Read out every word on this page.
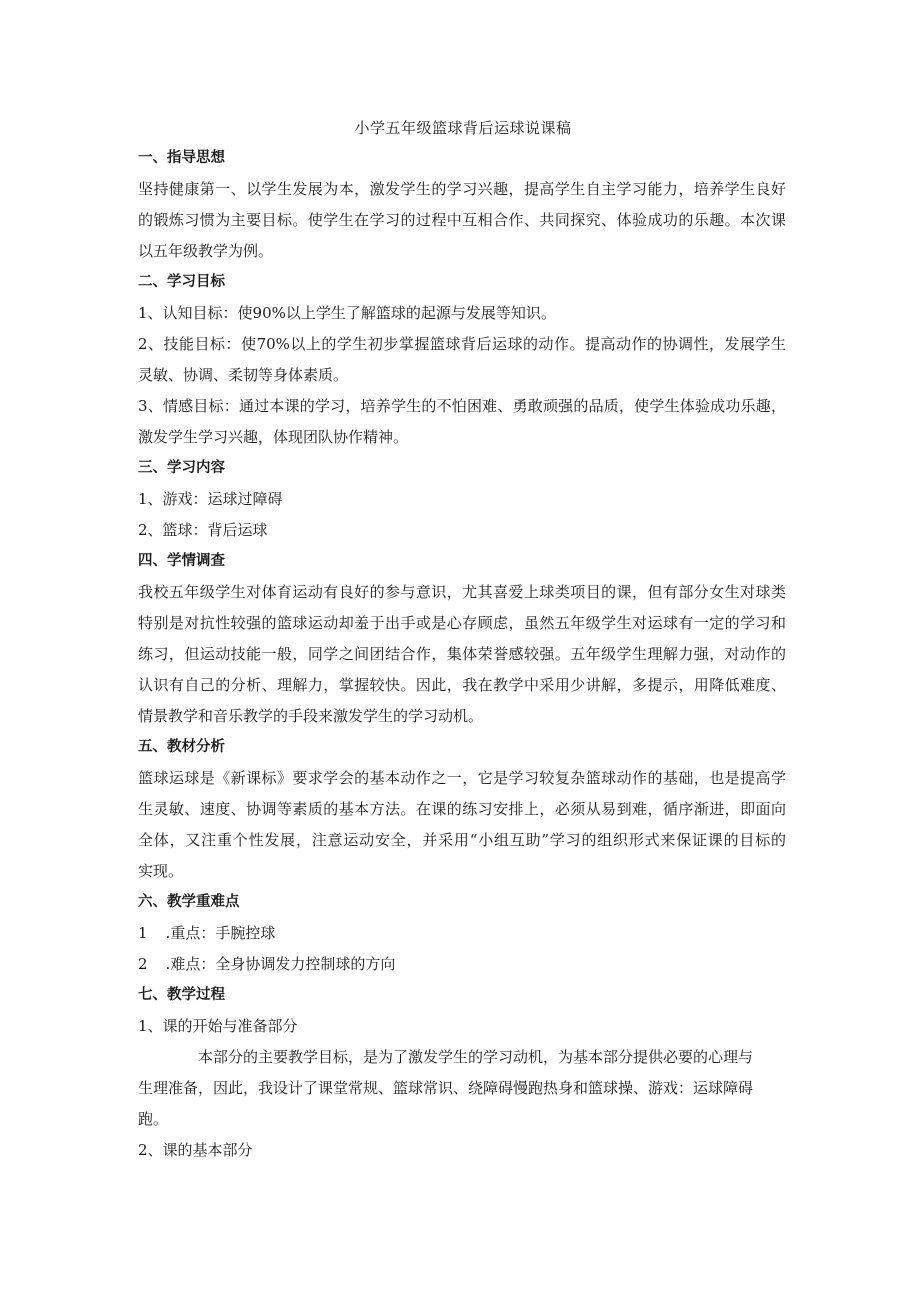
小学五年级篮球背后运球说课稿
一、指导思想
坚持健康第一、以学生发展为本，激发学生的学习兴趣，提高学生自主学习能力，培养学生良好
的锻炼习惯为主要目标。使学生在学习的过程中互相合作、共同探究、体验成功的乐趣。本次课
以五年级教学为例。
二、学习目标
1、认知目标：使90%以上学生了解篮球的起源与发展等知识。
2、技能目标：使70%以上的学生初步掌握篮球背后运球的动作。提高动作的协调性，发展学生
灵敏、协调、柔韧等身体素质。
3、情感目标：通过本课的学习，培养学生的不怕困难、勇敢顽强的品质，使学生体验成功乐趣，
激发学生学习兴趣，体现团队协作精神。
三、学习内容
1、游戏：运球过障碍
2、篮球：背后运球
四、学情调查
我校五年级学生对体育运动有良好的参与意识，尤其喜爱上球类项目的课，但有部分女生对球类
特别是对抗性较强的篮球运动却羞于出手或是心存顾虑，虽然五年级学生对运球有一定的学习和
练习，但运动技能一般，同学之间团结合作，集体荣誉感较强。五年级学生理解力强，对动作的
认识有自己的分析、理解力，掌握较快。因此，我在教学中采用少讲解，多提示，用降低难度、
情景教学和音乐教学的手段来激发学生的学习动机。
五、教材分析
篮球运球是《新课标》要求学会的基本动作之一，它是学习较复杂篮球动作的基础，也是提高学
生灵敏、速度、协调等素质的基本方法。在课的练习安排上，必须从易到难，循序渐进，即面向
全体，又注重个性发展，注意运动安全，并采用“小组互助”学习的组织形式来保证课的目标的
实现。
六、教学重难点
1 .重点：手腕控球
2 .难点：全身协调发力控制球的方向
七、教学过程
1、课的开始与准备部分
本部分的主要教学目标，是为了激发学生的学习动机，为基本部分提供必要的心理与
生理准备，因此，我设计了课堂常规、篮球常识、绕障碍慢跑热身和篮球操、游戏：运球障碍
跑。
2、课的基本部分
